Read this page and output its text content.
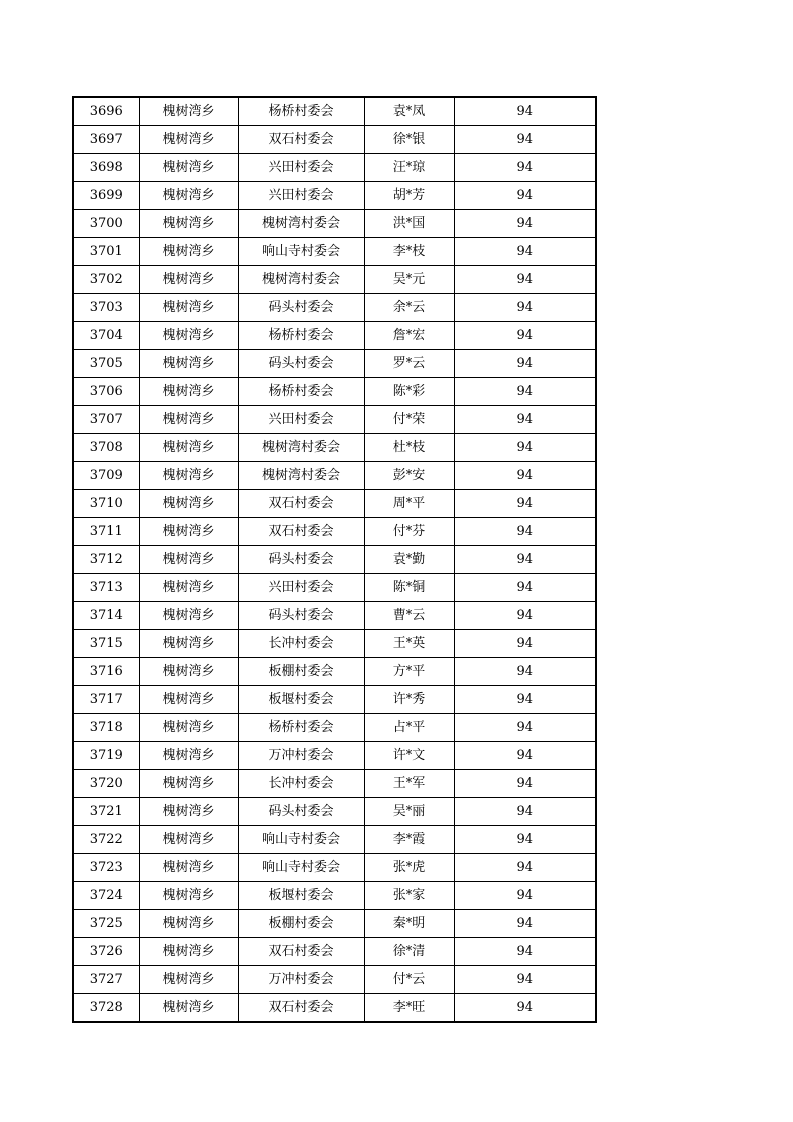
3696	槐树湾乡	杨桥村委会	袁*凤	94
3697	槐树湾乡	双石村委会	徐*银	94
3698	槐树湾乡	兴田村委会	汪*琼	94
3699	槐树湾乡	兴田村委会	胡*芳	94
3700	槐树湾乡	槐树湾村委会	洪*国	94
3701	槐树湾乡	响山寺村委会	李*枝	94
3702	槐树湾乡	槐树湾村委会	吴*元	94
3703	槐树湾乡	码头村委会	余*云	94
3704	槐树湾乡	杨桥村委会	詹*宏	94
3705	槐树湾乡	码头村委会	罗*云	94
3706	槐树湾乡	杨桥村委会	陈*彩	94
3707	槐树湾乡	兴田村委会	付*荣	94
3708	槐树湾乡	槐树湾村委会	杜*枝	94
3709	槐树湾乡	槐树湾村委会	彭*安	94
3710	槐树湾乡	双石村委会	周*平	94
3711	槐树湾乡	双石村委会	付*芬	94
3712	槐树湾乡	码头村委会	袁*勤	94
3713	槐树湾乡	兴田村委会	陈*铜	94
3714	槐树湾乡	码头村委会	曹*云	94
3715	槐树湾乡	长冲村委会	王*英	94
3716	槐树湾乡	板棚村委会	方*平	94
3717	槐树湾乡	板堰村委会	许*秀	94
3718	槐树湾乡	杨桥村委会	占*平	94
3719	槐树湾乡	万冲村委会	许*文	94
3720	槐树湾乡	长冲村委会	王*军	94
3721	槐树湾乡	码头村委会	吴*丽	94
3722	槐树湾乡	响山寺村委会	李*霞	94
3723	槐树湾乡	响山寺村委会	张*虎	94
3724	槐树湾乡	板堰村委会	张*家	94
3725	槐树湾乡	板棚村委会	秦*明	94
3726	槐树湾乡	双石村委会	徐*清	94
3727	槐树湾乡	万冲村委会	付*云	94
3728	槐树湾乡	双石村委会	李*旺	94
